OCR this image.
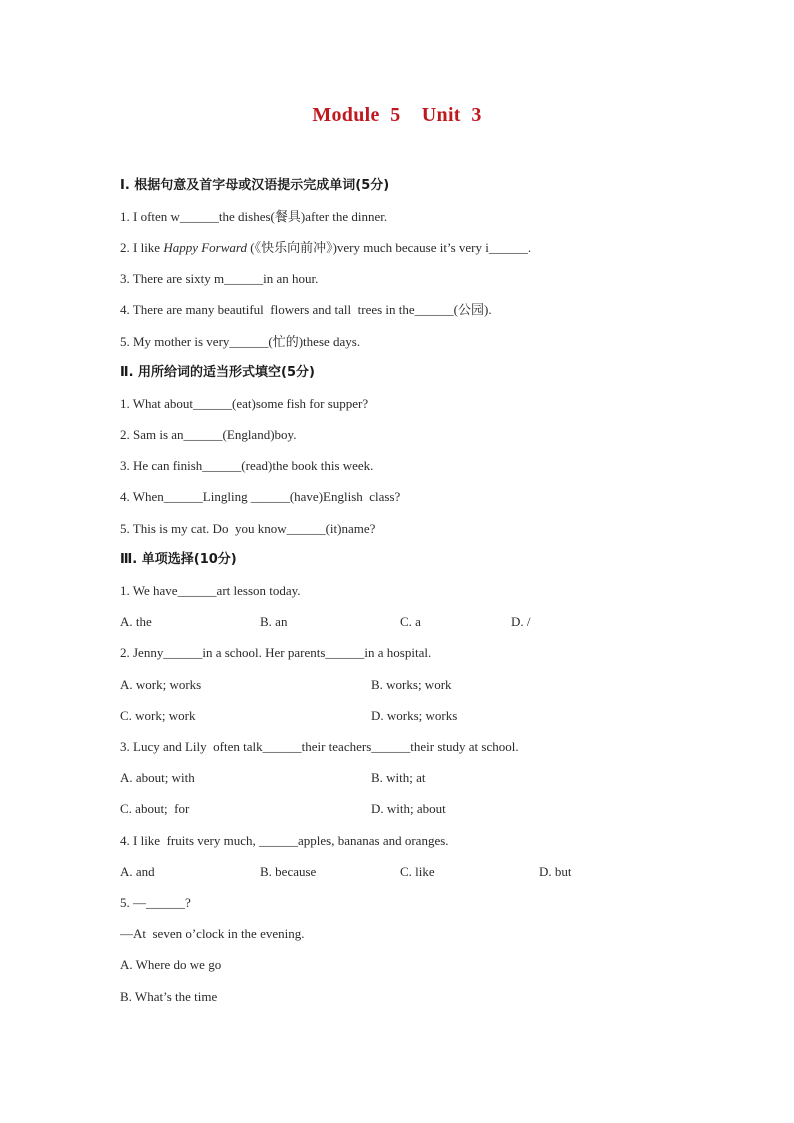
Module  5    Unit  3
Ⅰ. 根据句意及首字母或汉语提示完成单词(5分)
1. I often w______the dishes(餐具)after the dinner.
2. I like Happy Forward (《快乐向前冲》)very much because it’s very i______.
3. There are sixty m______in an hour.
4. There are many beautiful  flowers and tall  trees in the______(公园).
5. My mother is very______(忙的)these days.
Ⅱ. 用所给词的适当形式填空(5分)
1. What about______(eat)some fish for supper?
2. Sam is an______(England)boy.
3. He can finish______(read)the book this week.
4. When______Lingling ______(have)English  class?
5. This is my cat. Do  you know______(it)name?
Ⅲ. 单项选择(10分)
1. We have______art lesson today.
A. the	B. an	C. a	D. /
2. Jenny______in a school. Her parents______in a hospital.
A. work; works	B. works; work
C. work; work	D. works; works
3. Lucy and Lily  often talk______their teachers______their study at school.
A. about; with	B. with; at
C. about;  for	D. with; about
4. I like  fruits very much, ______apples, bananas and oranges.
A. and	B. because	C. like	D. but
5. —______?
—At  seven o’clock in the evening.
A. Where do we go
B. What’s the time
